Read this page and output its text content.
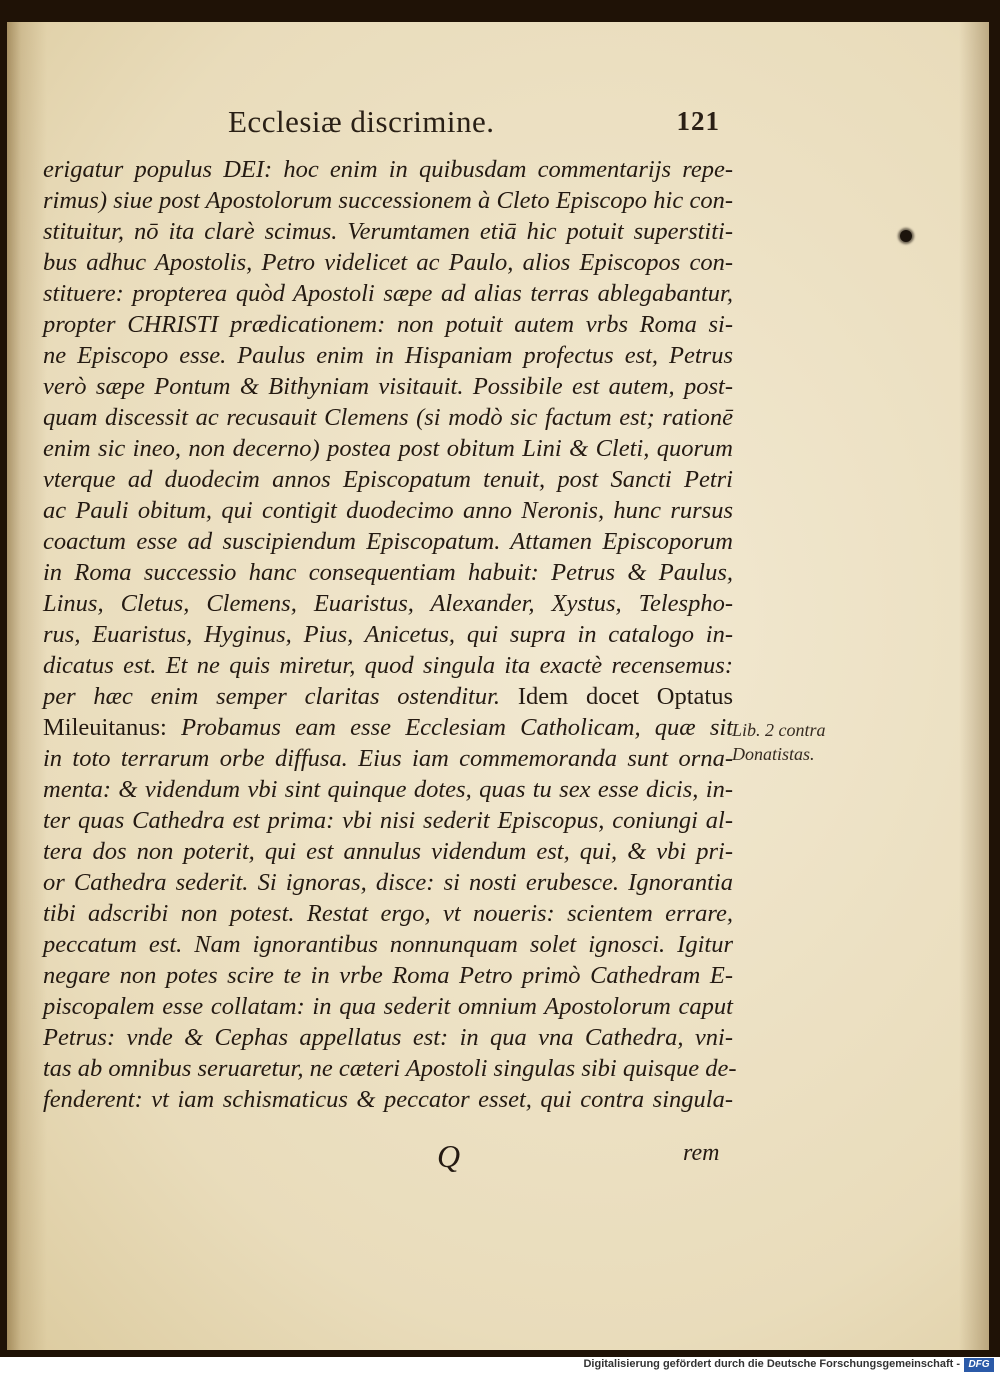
Ecclesiæ discrimine.	121
erigatur populus DEI: hoc enim in quibusdam commentarijs repe-
rimus) siue post Apostolorum successionem à Cleto Episcopo hic con-
stituitur, nō ita clarè scimus. Verumtamen etiā hic potuit superstiti-
bus adhuc Apostolis, Petro videlicet ac Paulo, alios Episcopos con-
stituere: propterea quòd Apostoli sæpe ad alias terras ablegabantur,
propter CHRISTI prædicationem: non potuit autem vrbs Roma si-
ne Episcopo esse. Paulus enim in Hispaniam profectus est, Petrus
verò sæpe Pontum & Bithyniam visitauit. Possibile est autem, post-
quam discessit ac recusauit Clemens (si modò sic factum est; rationē
enim sic ineo, non decerno) postea post obitum Lini & Cleti, quorum
vterque ad duodecim annos Episcopatum tenuit, post Sancti Petri
ac Pauli obitum, qui contigit duodecimo anno Neronis, hunc rursus
coactum esse ad suscipiendum Episcopatum. Attamen Episcoporum
in Roma successio hanc consequentiam habuit: Petrus & Paulus,
Linus, Cletus, Clemens, Euaristus, Alexander, Xystus, Telespho-
rus, Euaristus, Hyginus, Pius, Anicetus, qui supra in catalogo in-
dicatus est. Et ne quis miretur, quod singula ita exactè recensemus:
per hæc enim semper claritas ostenditur. Idem docet Optatus
Mileuitanus: Probamus eam esse Ecclesiam Catholicam, quæ sit
in toto terrarum orbe diffusa. Eius iam commemoranda sunt orna-
menta: & videndum vbi sint quinque dotes, quas tu sex esse dicis, in-
ter quas Cathedra est prima: vbi nisi sederit Episcopus, coniungi al-
tera dos non poterit, qui est annulus videndum est, qui, & vbi pri-
or Cathedra sederit. Si ignoras, disce: si nosti erubesce. Ignorantia
tibi adscribi non potest. Restat ergo, vt noueris: scientem errare,
peccatum est. Nam ignorantibus nonnunquam solet ignosci. Igitur
negare non potes scire te in vrbe Roma Petro primò Cathedram E-
piscopalem esse collatam: in qua sederit omnium Apostolorum caput
Petrus: vnde & Cephas appellatus est: in qua vna Cathedra, vni-
tas ab omnibus seruaretur, ne cæteri Apostoli singulas sibi quisque de-
fenderent: vt iam schismaticus & peccator esset, qui contra singula-
Lib. 2 contra
Donatistas.
Q	rem
Digitalisierung gefördert durch die Deutsche Forschungsgemeinschaft - DFG
